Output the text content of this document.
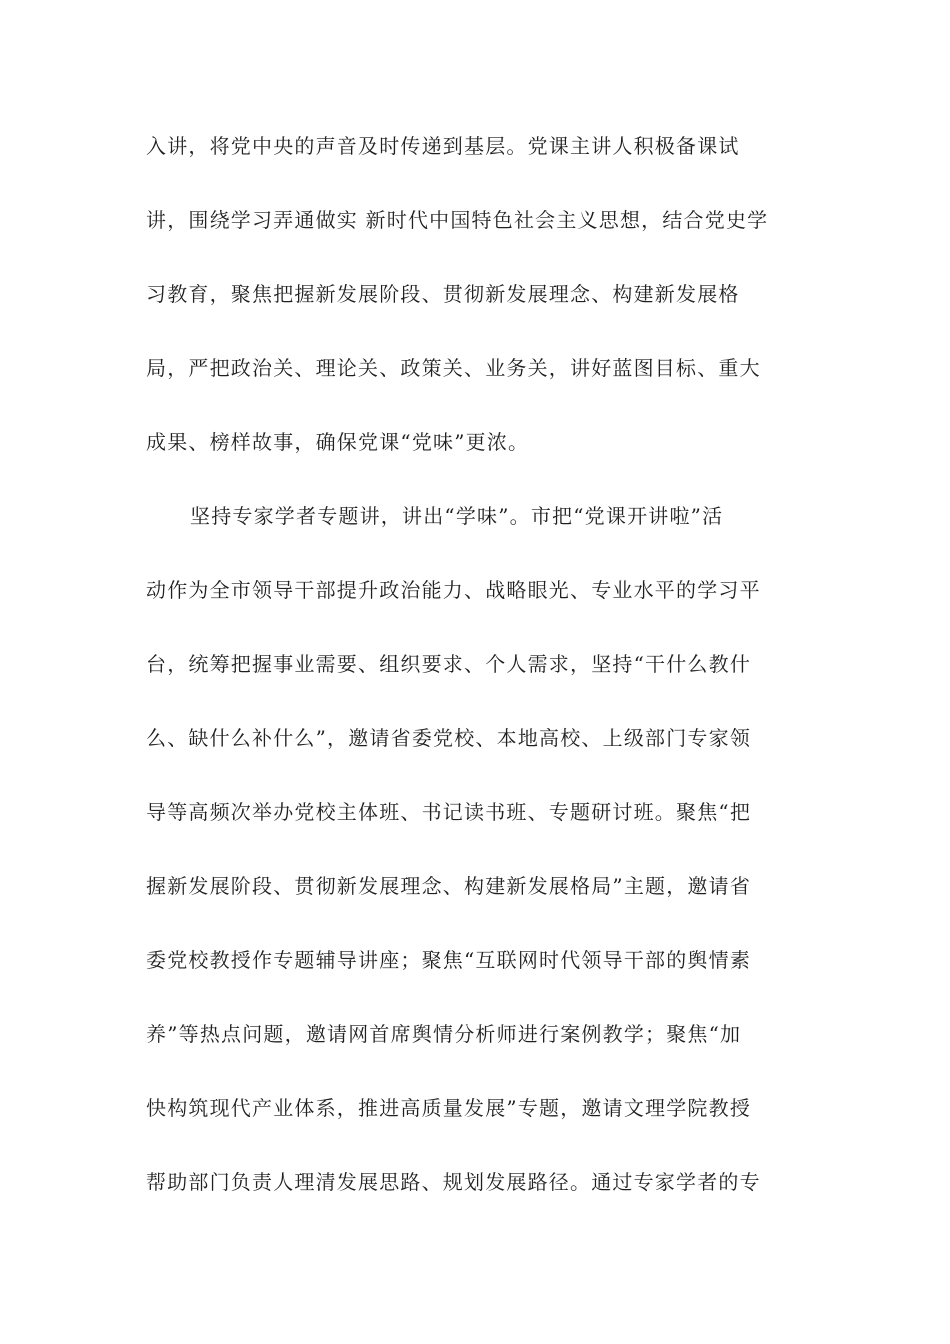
入讲，将党中央的声音及时传递到基层。党课主讲人积极备课试
讲，围绕学习弄通做实 新时代中国特色社会主义思想，结合党史学
习教育，聚焦把握新发展阶段、贯彻新发展理念、构建新发展格
局，严把政治关、理论关、政策关、业务关，讲好蓝图目标、重大
成果、榜样故事，确保党课“党味”更浓。
坚持专家学者专题讲，讲出“学味”。市把“党课开讲啦”活
动作为全市领导干部提升政治能力、战略眼光、专业水平的学习平
台，统筹把握事业需要、组织要求、个人需求，坚持“干什么教什
么、缺什么补什么”，邀请省委党校、本地高校、上级部门专家领
导等高频次举办党校主体班、书记读书班、专题研讨班。聚焦“把
握新发展阶段、贯彻新发展理念、构建新发展格局”主题，邀请省
委党校教授作专题辅导讲座；聚焦“互联网时代领导干部的舆情素
养”等热点问题，邀请网首席舆情分析师进行案例教学；聚焦“加
快构筑现代产业体系，推进高质量发展”专题，邀请文理学院教授
帮助部门负责人理清发展思路、规划发展路径。通过专家学者的专
